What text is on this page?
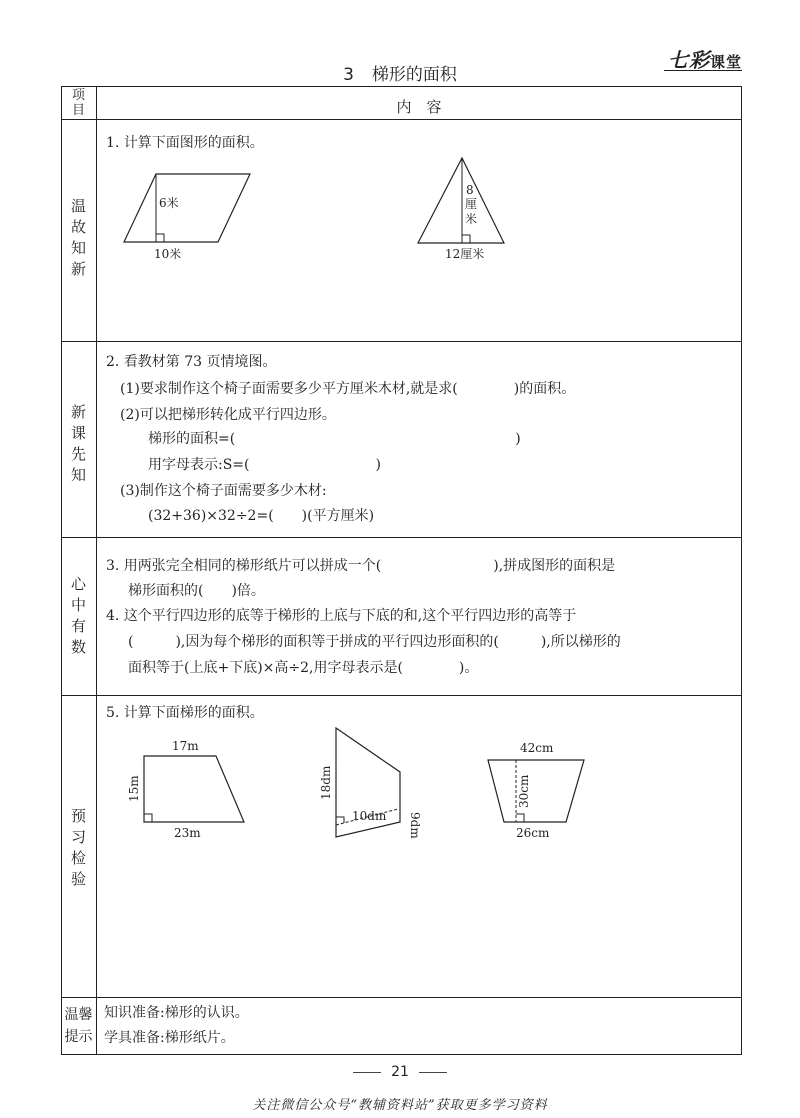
3 梯形的面积
七彩课堂
项目	内　容
温故知新
新课先知
心中有数
预习检验
温馨提示
1. 计算下面图形的面积。
6米
10米
8
厘
米
12厘米
2. 看教材第 73 页情境图。
(1)要求制作这个椅子面需要多少平方厘米木材,就是求(　　　　)的面积。
(2)可以把梯形转化成平行四边形。
梯形的面积=(　　　　　　　　　　　　　　　　　　　　)
用字母表示:S=(　　　　　　　　　)
(3)制作这个椅子面需要多少木材:
(32+36)×32÷2=(　　)(平方厘米)
3. 用两张完全相同的梯形纸片可以拼成一个(　　　　　　　　),拼成图形的面积是
梯形面积的(　　)倍。
4. 这个平行四边形的底等于梯形的上底与下底的和,这个平行四边形的高等于
(　　　),因为每个梯形的面积等于拼成的平行四边形面积的(　　　),所以梯形的
面积等于(上底+下底)×高÷2,用字母表示是(　　　　)。
5. 计算下面梯形的面积。
17m
15m
23m
18dm
10dm 9dm
42cm
30cm
26cm
知识准备:梯形的认识。
学具准备:梯形纸片。
21
关注微信公众号“教辅资料站”获取更多学习资料
